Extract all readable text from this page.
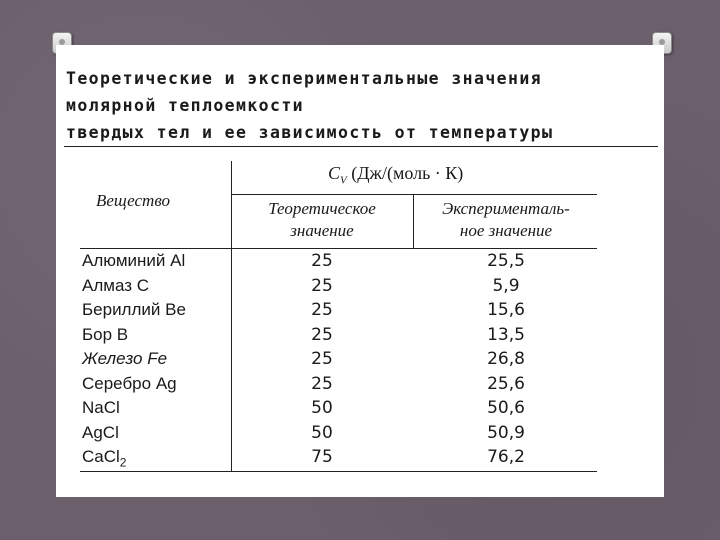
Теоретические и экспериментальные значения
молярной теплоемкости
твердых тел и ее зависимость от температуры
Вещество
$C_V$ (Дж/(моль · К)
Теоретическое
значение
Эксперименталь-
ное значение
Алюминий Al	25	25,5
Алмаз C	25	5,9
Бериллий Be	25	15,6
Бор B	25	13,5
Железо Fe	25	26,8
Серебро Ag	25	25,6
NaCl	50	50,6
AgCl	50	50,9
CaCl$_2$	75	76,2
